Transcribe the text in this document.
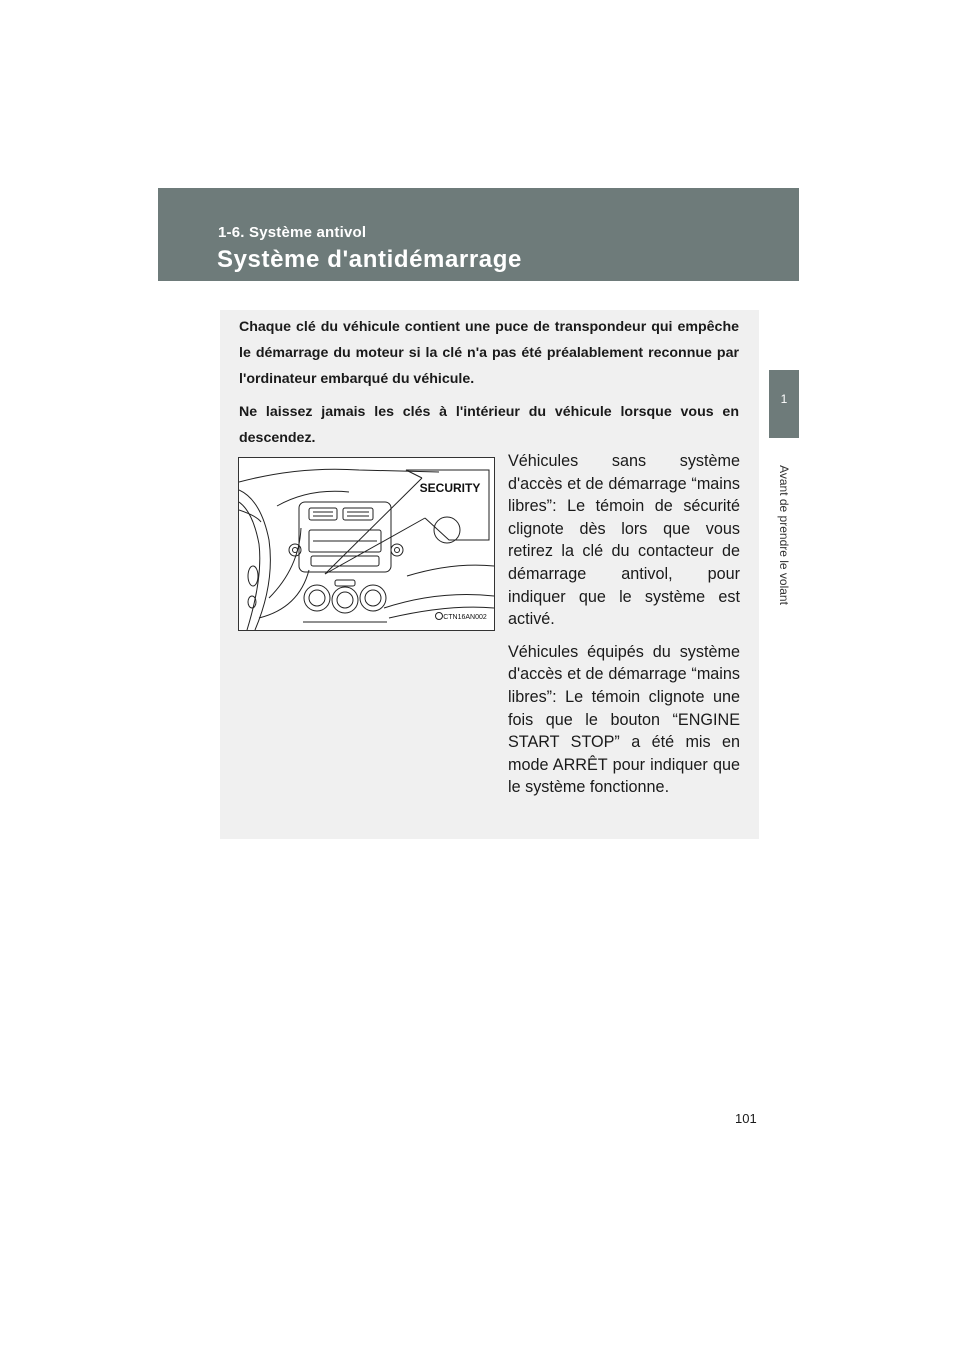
1-6. Système antivol
Système d'antidémarrage
1
Avant de prendre le volant

Chaque clé du véhicule contient une puce de transpondeur qui empêche le démarrage du moteur si la clé n'a pas été préalablement reconnue par l'ordinateur embarqué du véhicule.

Ne laissez jamais les clés à l'intérieur du véhicule lorsque vous en descendez.

SECURITY
CTN16AN002

Véhicules sans système d'accès et de démarrage “mains libres”: Le témoin de sécurité clignote dès lors que vous retirez la clé du contacteur de démarrage antivol, pour indiquer que le système est activé.

Véhicules équipés du système d'accès et de démarrage “mains libres”: Le témoin clignote une fois que le bouton “ENGINE START STOP” a été mis en mode ARRÊT pour indiquer que le système fonctionne.

101
